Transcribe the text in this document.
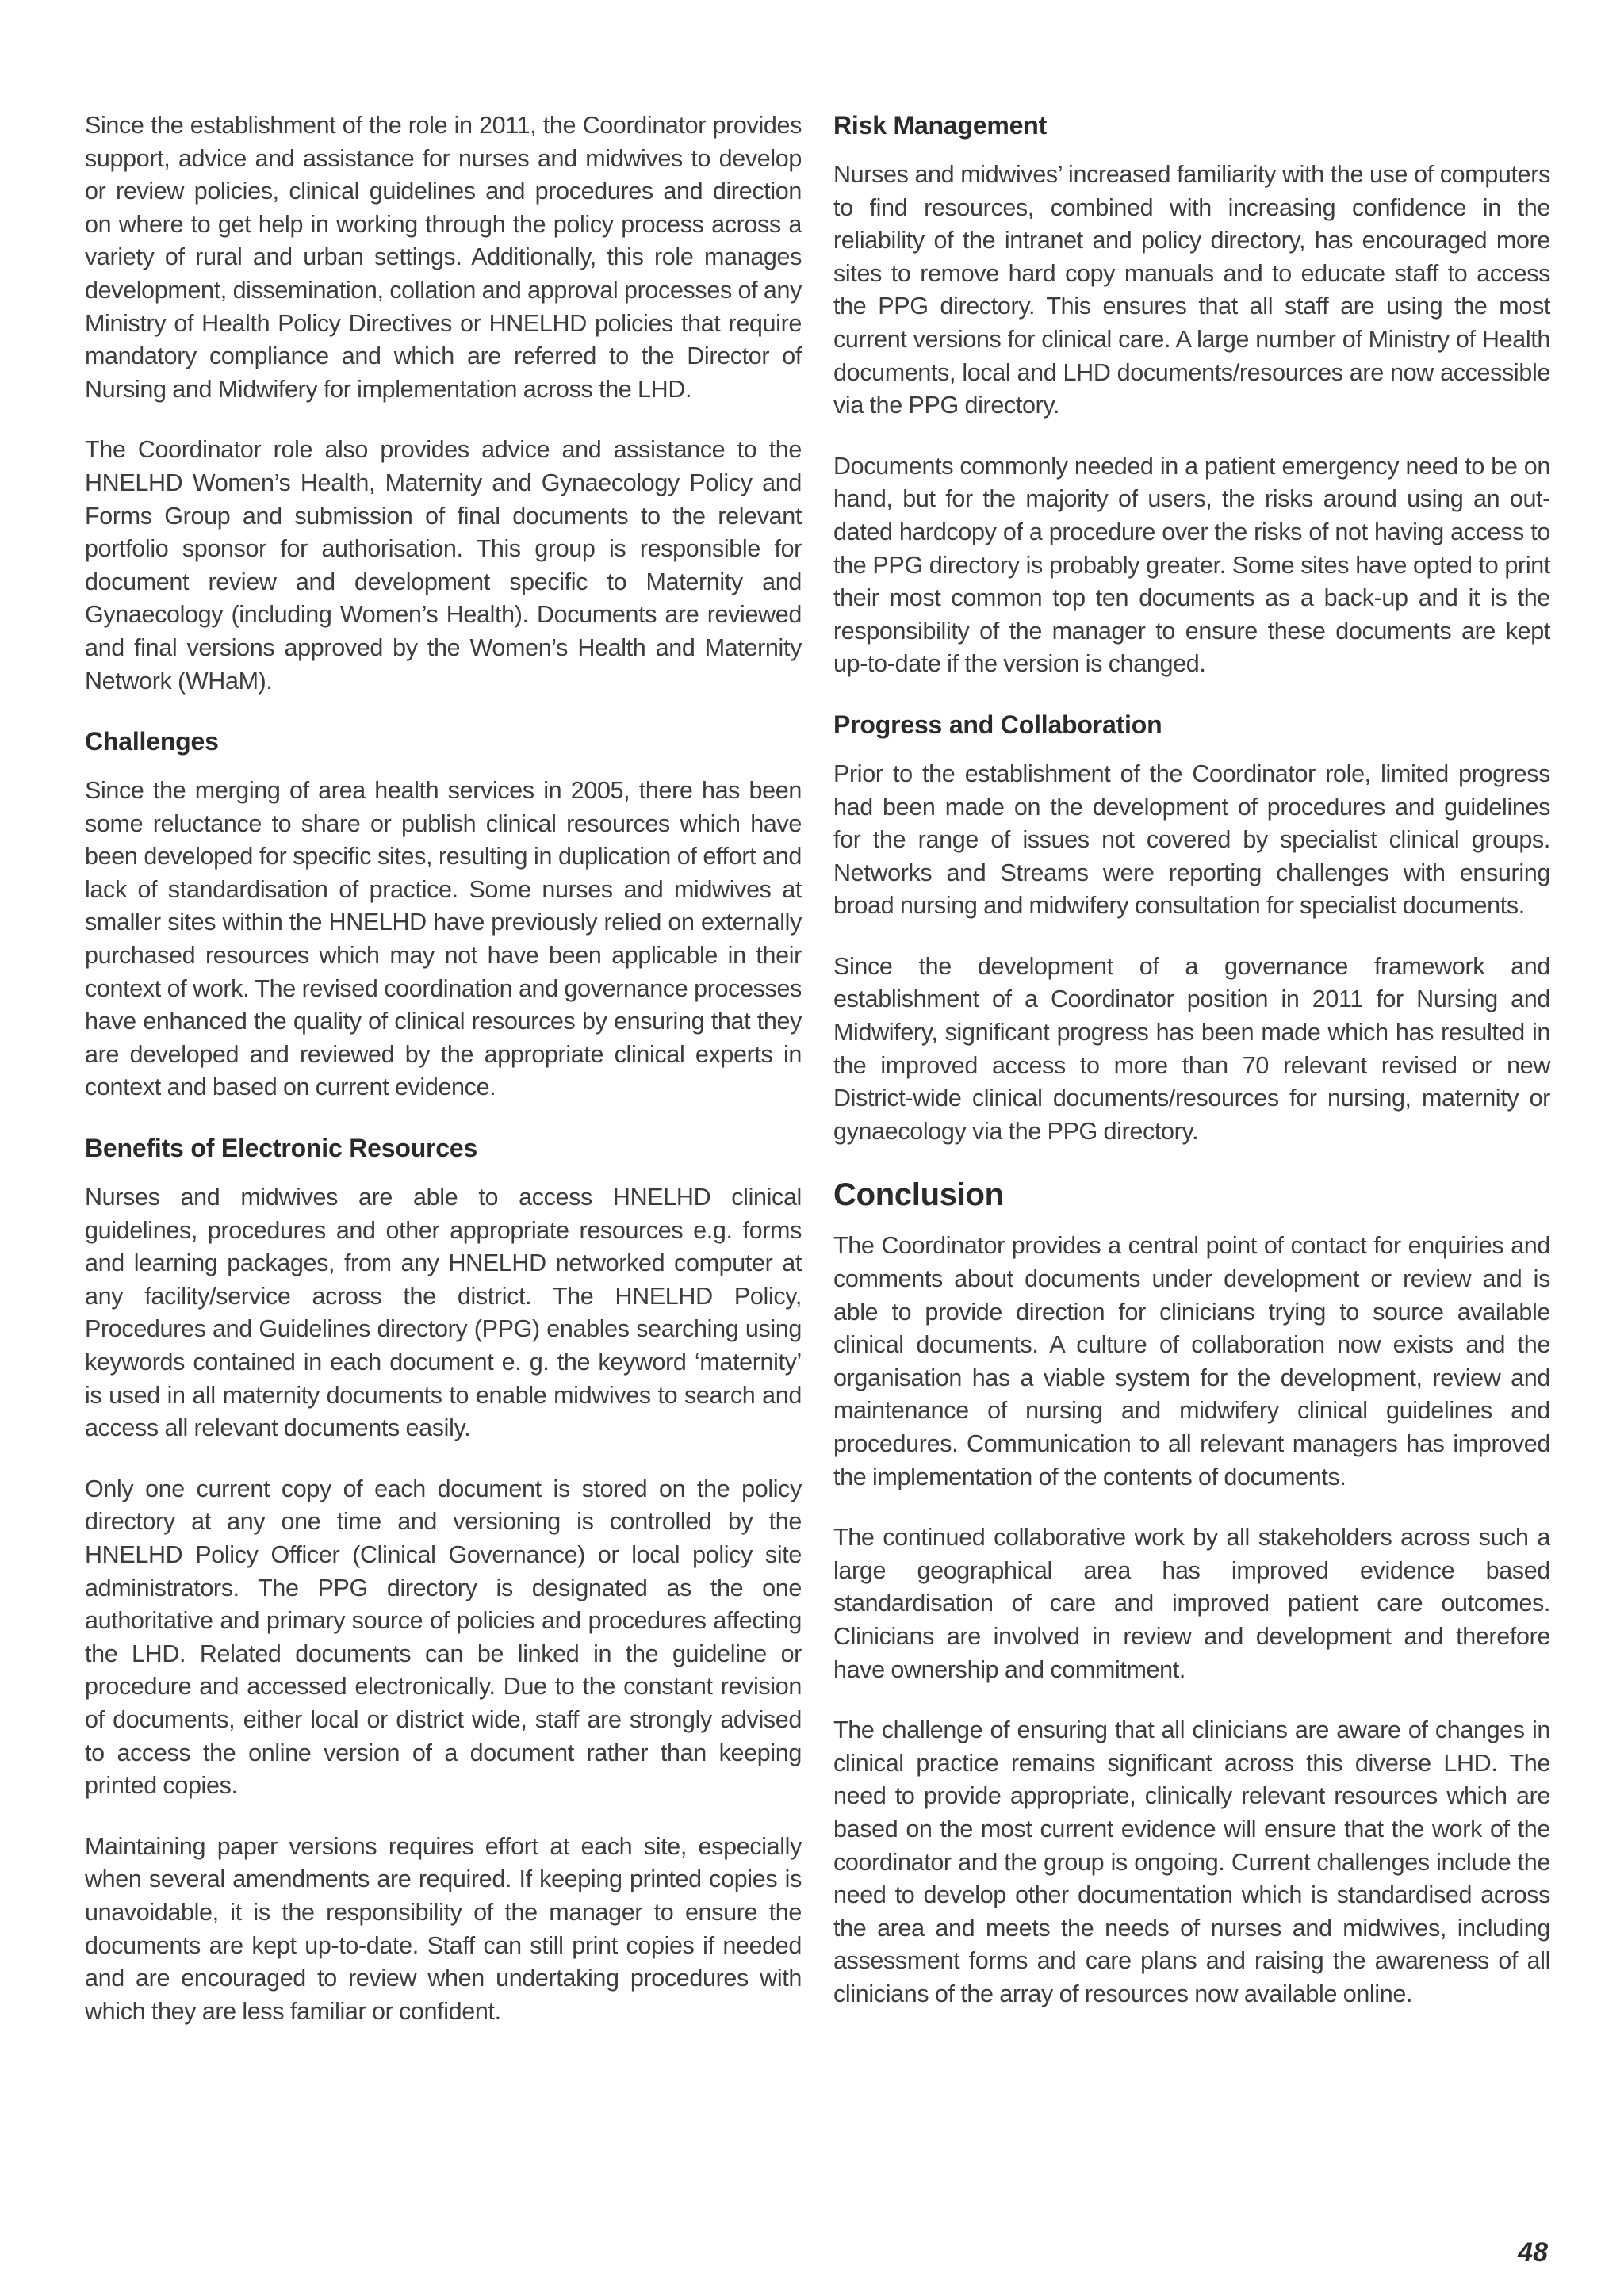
Since the establishment of the role in 2011, the Coordinator provides support, advice and assistance for nurses and midwives to develop or review policies, clinical guidelines and procedures and direction on where to get help in working through the policy process across a variety of rural and urban settings. Additionally, this role manages development, dissemination, collation and approval processes of any Ministry of Health Policy Directives or HNELHD policies that require mandatory compliance and which are referred to the Director of Nursing and Midwifery for implementation across the LHD.

The Coordinator role also provides advice and assistance to the HNELHD Women’s Health, Maternity and Gynaecology Policy and Forms Group and submission of final documents to the relevant portfolio sponsor for authorisation. This group is responsible for document review and development specific to Maternity and Gynaecology (including Women’s Health). Documents are reviewed and final versions approved by the Women’s Health and Maternity Network (WHaM).

Challenges

Since the merging of area health services in 2005, there has been some reluctance to share or publish clinical resources which have been developed for specific sites, resulting in duplication of effort and lack of standardisation of practice. Some nurses and midwives at smaller sites within the HNELHD have previously relied on externally purchased resources which may not have been applicable in their context of work. The revised coordination and governance processes have enhanced the quality of clinical resources by ensuring that they are developed and reviewed by the appropriate clinical experts in context and based on current evidence.

Benefits of Electronic Resources

Nurses and midwives are able to access HNELHD clinical guidelines, procedures and other appropriate resources e.g. forms and learning packages, from any HNELHD networked computer at any facility/service across the district. The HNELHD Policy, Procedures and Guidelines directory (PPG) enables searching using keywords contained in each document e. g. the keyword ‘maternity’ is used in all maternity documents to enable midwives to search and access all relevant documents easily.

Only one current copy of each document is stored on the policy directory at any one time and versioning is controlled by the HNELHD Policy Officer (Clinical Governance) or local policy site administrators. The PPG directory is designated as the one authoritative and primary source of policies and procedures affecting the LHD. Related documents can be linked in the guideline or procedure and accessed electronically. Due to the constant revision of documents, either local or district wide, staff are strongly advised to access the online version of a document rather than keeping printed copies.

Maintaining paper versions requires effort at each site, especially when several amendments are required. If keeping printed copies is unavoidable, it is the responsibility of the manager to ensure the documents are kept up-to-date. Staff can still print copies if needed and are encouraged to review when undertaking procedures with which they are less familiar or confident.

Risk Management

Nurses and midwives’ increased familiarity with the use of computers to find resources, combined with increasing confidence in the reliability of the intranet and policy directory, has encouraged more sites to remove hard copy manuals and to educate staff to access the PPG directory. This ensures that all staff are using the most current versions for clinical care. A large number of Ministry of Health documents, local and LHD documents/resources are now accessible via the PPG directory.

Documents commonly needed in a patient emergency need to be on hand, but for the majority of users, the risks around using an out-dated hardcopy of a procedure over the risks of not having access to the PPG directory is probably greater. Some sites have opted to print their most common top ten documents as a back-up and it is the responsibility of the manager to ensure these documents are kept up-to-date if the version is changed.

Progress and Collaboration

Prior to the establishment of the Coordinator role, limited progress had been made on the development of procedures and guidelines for the range of issues not covered by specialist clinical groups. Networks and Streams were reporting challenges with ensuring broad nursing and midwifery consultation for specialist documents.

Since the development of a governance framework and establishment of a Coordinator position in 2011 for Nursing and Midwifery, significant progress has been made which has resulted in the improved access to more than 70 relevant revised or new District-wide clinical documents/resources for nursing, maternity or gynaecology via the PPG directory.

Conclusion

The Coordinator provides a central point of contact for enquiries and comments about documents under development or review and is able to provide direction for clinicians trying to source available clinical documents. A culture of collaboration now exists and the organisation has a viable system for the development, review and maintenance of nursing and midwifery clinical guidelines and procedures. Communication to all relevant managers has improved the implementation of the contents of documents.

The continued collaborative work by all stakeholders across such a large geographical area has improved evidence based standardisation of care and improved patient care outcomes. Clinicians are involved in review and development and therefore have ownership and commitment.

The challenge of ensuring that all clinicians are aware of changes in clinical practice remains significant across this diverse LHD. The need to provide appropriate, clinically relevant resources which are based on the most current evidence will ensure that the work of the coordinator and the group is ongoing. Current challenges include the need to develop other documentation which is standardised across the area and meets the needs of nurses and midwives, including assessment forms and care plans and raising the awareness of all clinicians of the array of resources now available online.

48
